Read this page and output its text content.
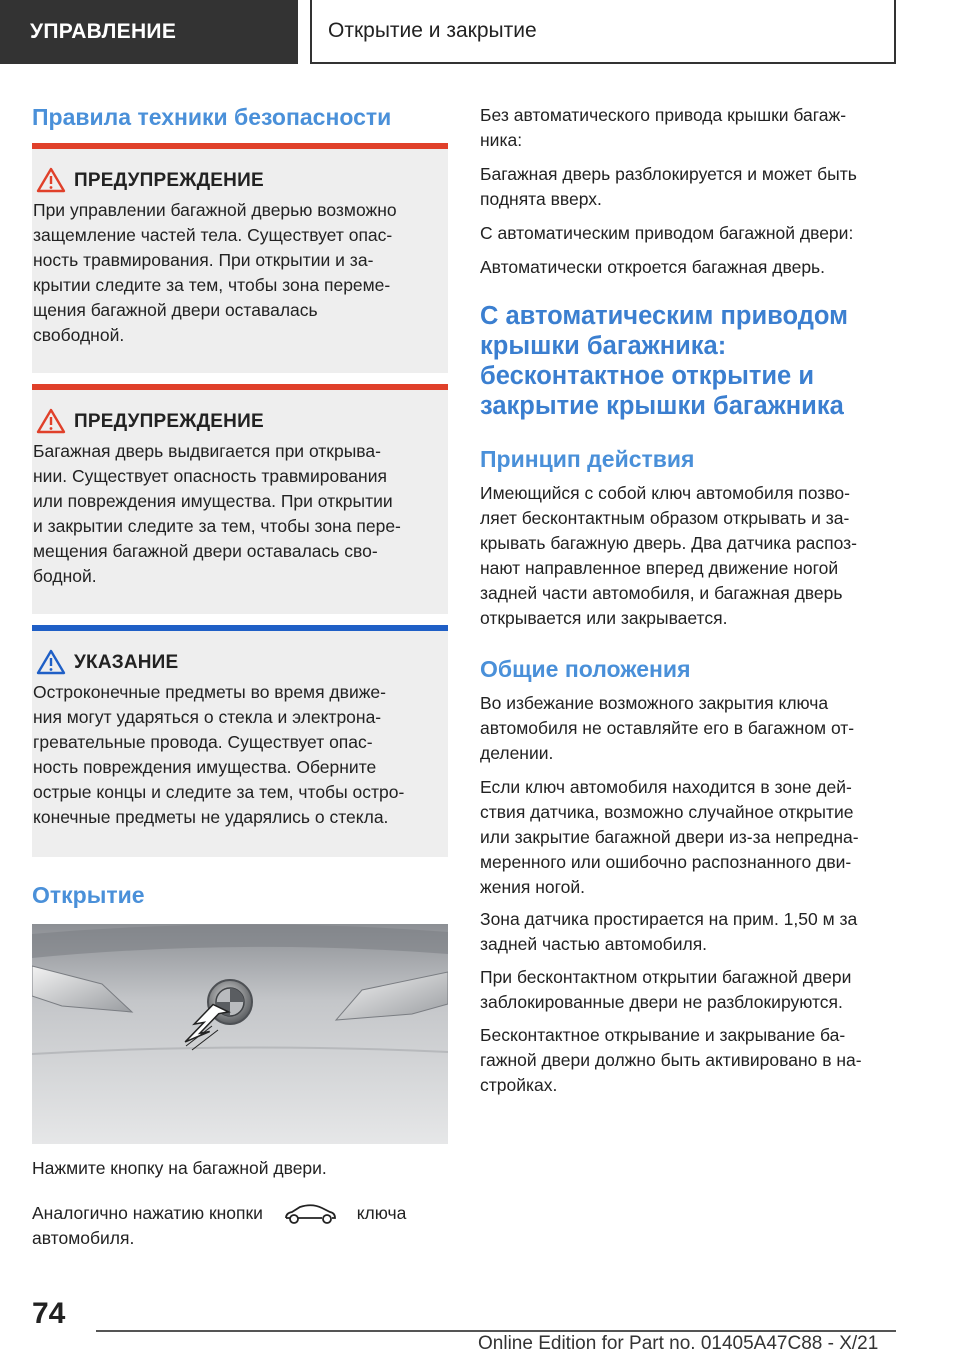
УПРАВЛЕНИЕ	Открытие и закрытие
Правила техники безопасности
ПРЕДУПРЕЖДЕНИЕ
При управлении багажной дверью возможно
защемление частей тела. Существует опас-
ность травмирования. При открытии и за-
крытии следите за тем, чтобы зона переме-
щения багажной двери оставалась
свободной.
ПРЕДУПРЕЖДЕНИЕ
Багажная дверь выдвигается при открыва-
нии. Существует опасность травмирования
или повреждения имущества. При открытии
и закрытии следите за тем, чтобы зона пере-
мещения багажной двери оставалась сво-
бодной.
УКАЗАНИЕ
Остроконечные предметы во время движе-
ния могут ударяться о стекла и электрона-
гревательные провода. Существует опас-
ность повреждения имущества. Оберните
острые концы и следите за тем, чтобы остро-
конечные предметы не ударялись о стекла.
Открытие
Нажмите кнопку на багажной двери.
Аналогично нажатию кнопки	ключа
автомобиля.
Без автоматического привода крышки багаж-
ника:
Багажная дверь разблокируется и может быть
поднята вверх.
С автоматическим приводом багажной двери:
Автоматически откроется багажная дверь.
С автоматическим приводом
крышки багажника:
бесконтактное открытие и
закрытие крышки багажника
Принцип действия
Имеющийся с собой ключ автомобиля позво-
ляет бесконтактным образом открывать и за-
крывать багажную дверь. Два датчика распоз-
нают направленное вперед движение ногой
задней части автомобиля, и багажная дверь
открывается или закрывается.
Общие положения
Во избежание возможного закрытия ключа
автомобиля не оставляйте его в багажном от-
делении.
Если ключ автомобиля находится в зоне дей-
ствия датчика, возможно случайное открытие
или закрытие багажной двери из-за непредна-
меренного или ошибочно распознанного дви-
жения ногой.
Зона датчика простирается на прим. 1,50 м за
задней частью автомобиля.
При бесконтактном открытии багажной двери
заблокированные двери не разблокируются.
Бесконтактное открывание и закрывание ба-
гажной двери должно быть активировано в на-
стройках.
74
Online Edition for Part no. 01405A47C88 - X/21
